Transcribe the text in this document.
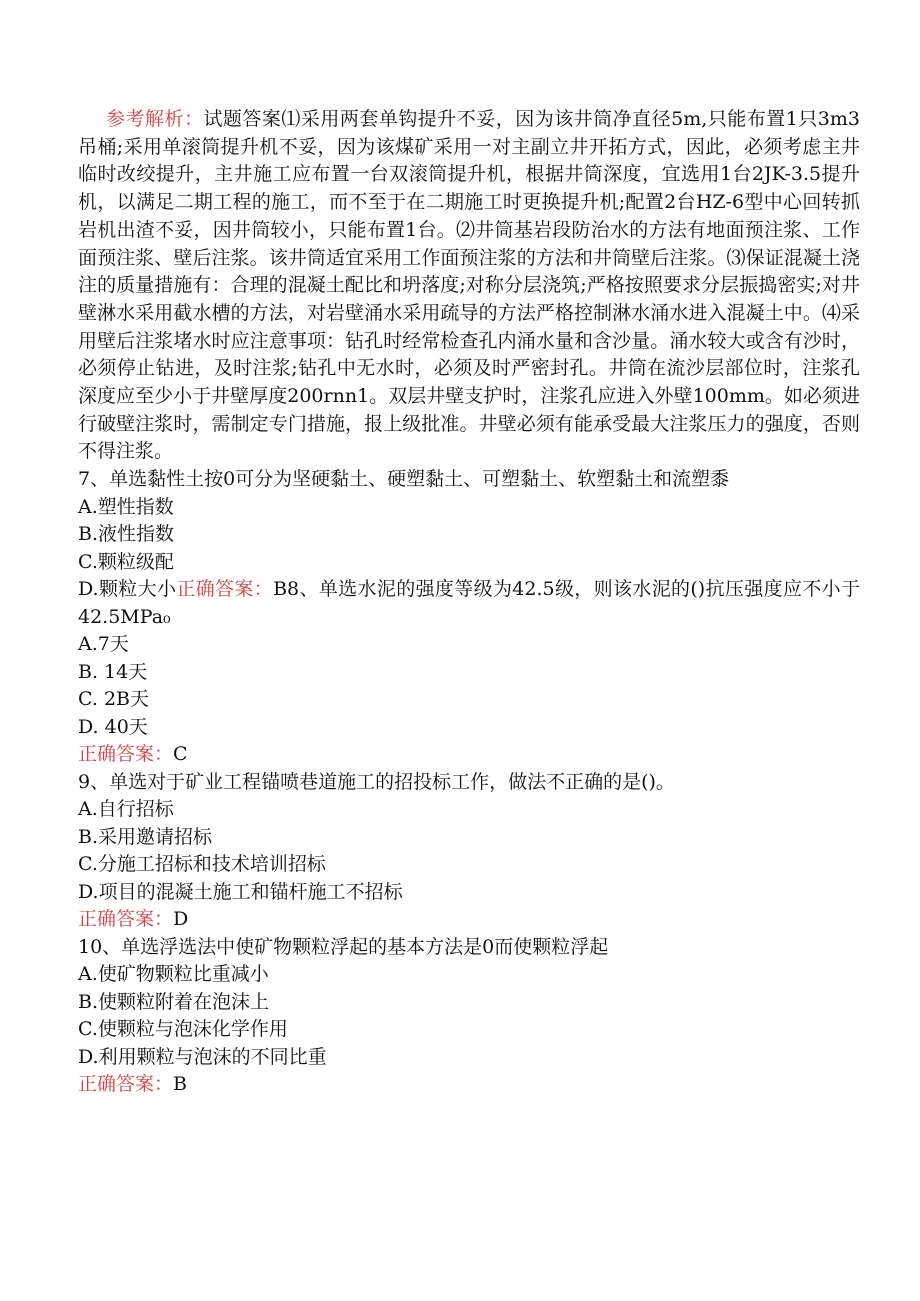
参考解析：试题答案⑴采用两套单钩提升不妥，因为该井筒净直径5m,只能布置1只3m3吊桶;采用单滚筒提升机不妥，因为该煤矿采用一对主副立井开拓方式，因此，必须考虑主井临时改绞提升，主井施工应布置一台双滚筒提升机，根据井筒深度，宜选用1台2JK-3.5提升机，以满足二期工程的施工，而不至于在二期施工时更换提升机;配置2台HZ-6型中心回转抓岩机出渣不妥，因井筒较小，只能布置1台。⑵井筒基岩段防治水的方法有地面预注浆、工作面预注浆、壁后注浆。该井筒适宜采用工作面预注浆的方法和井筒壁后注浆。⑶保证混凝土浇注的质量措施有：合理的混凝土配比和坍落度;对称分层浇筑;严格按照要求分层振捣密实;对井壁淋水采用截水槽的方法，对岩壁涌水采用疏导的方法严格控制淋水涌水进入混凝土中。⑷采用壁后注浆堵水时应注意事项：钻孔时经常检查孔内涌水量和含沙量。涌水较大或含有沙时，必须停止钻进，及时注浆;钻孔中无水时，必须及时严密封孔。井筒在流沙层部位时，注浆孔深度应至少小于井壁厚度200rnn1。双层井壁支护时，注浆孔应进入外壁100mm。如必须进行破壁注浆时，需制定专门措施，报上级批准。井壁必须有能承受最大注浆压力的强度，否则不得注浆。

7、单选黏性土按0可分为坚硬黏土、硬塑黏土、可塑黏土、软塑黏土和流塑黍

A.塑性指数

B.液性指数

C.颗粒级配

D.颗粒大小正确答案：B8、单选水泥的强度等级为42.5级，则该水泥的()抗压强度应不小于42.5MPa₀

A.7天

B. 14天

C. 2B天

D. 40天

正确答案：C

9、单选对于矿业工程锚喷巷道施工的招投标工作，做法不正确的是()。

A.自行招标

B.采用邀请招标

C.分施工招标和技术培训招标

D.项目的混凝土施工和锚杆施工不招标

正确答案：D

10、单选浮选法中使矿物颗粒浮起的基本方法是0而使颗粒浮起

A.使矿物颗粒比重减小

B.使颗粒附着在泡沫上

C.使颗粒与泡沫化学作用

D.利用颗粒与泡沫的不同比重

正确答案：B
